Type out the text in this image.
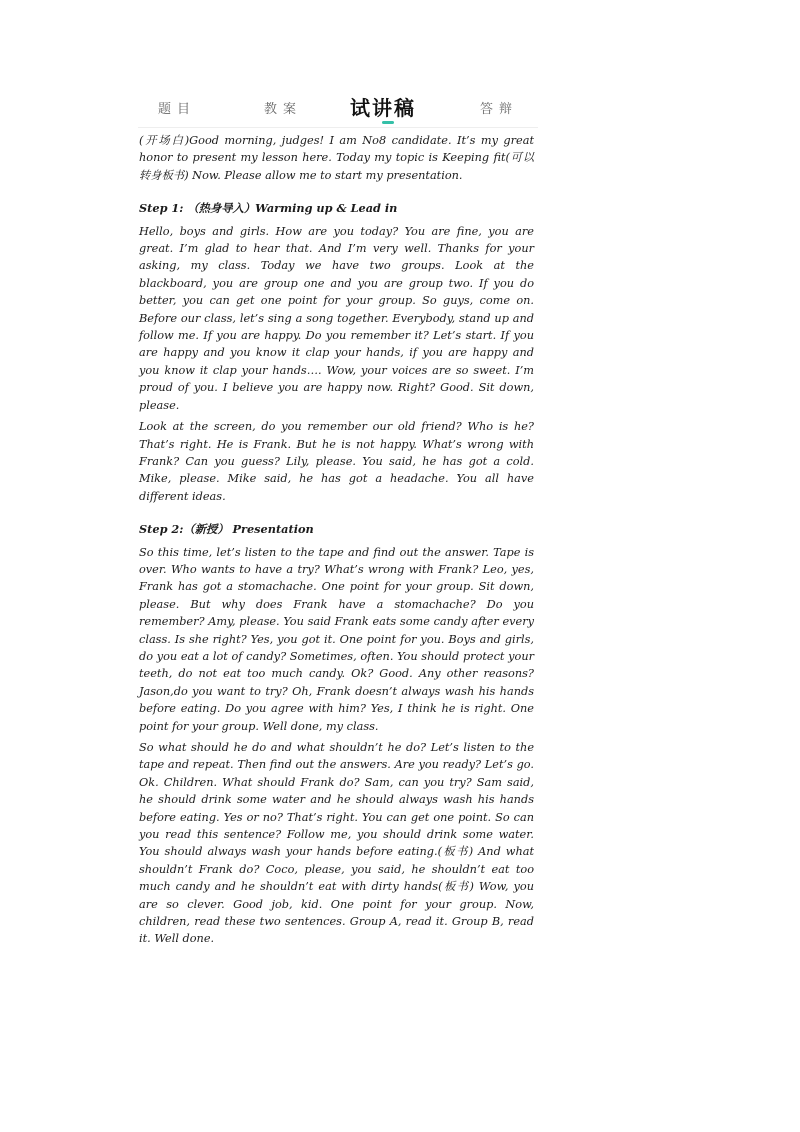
题目	教案 试讲稿	答辩

(开场白)Good morning, judges! I am No8 candidate. It’s my great honor to present my lesson here. Today my topic is Keeping fit(可以转身板书) Now. Please allow me to start my presentation.

Step 1: （热身导入）Warming up & Lead in

Hello, boys and girls. How are you today? You are fine, you are great. I’m glad to hear that. And I’m very well. Thanks for your asking, my class. Today we have two groups. Look at the blackboard, you are group one and you are group two. If you do better, you can get one point for your group. So guys, come on. Before our class, let’s sing a song together. Everybody, stand up and follow me. If you are happy. Do you remember it? Let’s start. If you are happy and you know it clap your hands, if you are happy and you know it clap your hands…. Wow, your voices are so sweet. I’m proud of you. I believe you are happy now. Right? Good. Sit down, please.

Look at the screen, do you remember our old friend? Who is he? That’s right. He is Frank. But he is not happy. What’s wrong with Frank? Can you guess? Lily, please. You said, he has got a cold. Mike, please. Mike said, he has got a headache. You all have different ideas.

Step 2:（新授） Presentation

So this time, let’s listen to the tape and find out the answer. Tape is over. Who wants to have a try? What’s wrong with Frank? Leo, yes, Frank has got a stomachache. One point for your group. Sit down, please. But why does Frank have a stomachache? Do you remember? Amy, please. You said Frank eats some candy after every class. Is she right? Yes, you got it. One point for you. Boys and girls, do you eat a lot of candy? Sometimes, often. You should protect your teeth, do not eat too much candy. Ok? Good. Any other reasons? Jason,do you want to try? Oh, Frank doesn’t always wash his hands before eating. Do you agree with him? Yes, I think he is right. One point for your group. Well done, my class.

So what should he do and what shouldn’t he do? Let’s listen to the tape and repeat. Then find out the answers. Are you ready? Let’s go. Ok. Children. What should Frank do? Sam, can you try? Sam said, he should drink some water and he should always wash his hands before eating. Yes or no? That’s right. You can get one point. So can you read this sentence? Follow me, you should drink some water. You should always wash your hands before eating.(板书) And what shouldn’t Frank do? Coco, please, you said, he shouldn’t eat too much candy and he shouldn’t eat with dirty hands(板书) Wow, you are so clever. Good job, kid. One point for your group. Now, children, read these two sentences. Group A, read it. Group B, read it. Well done.
